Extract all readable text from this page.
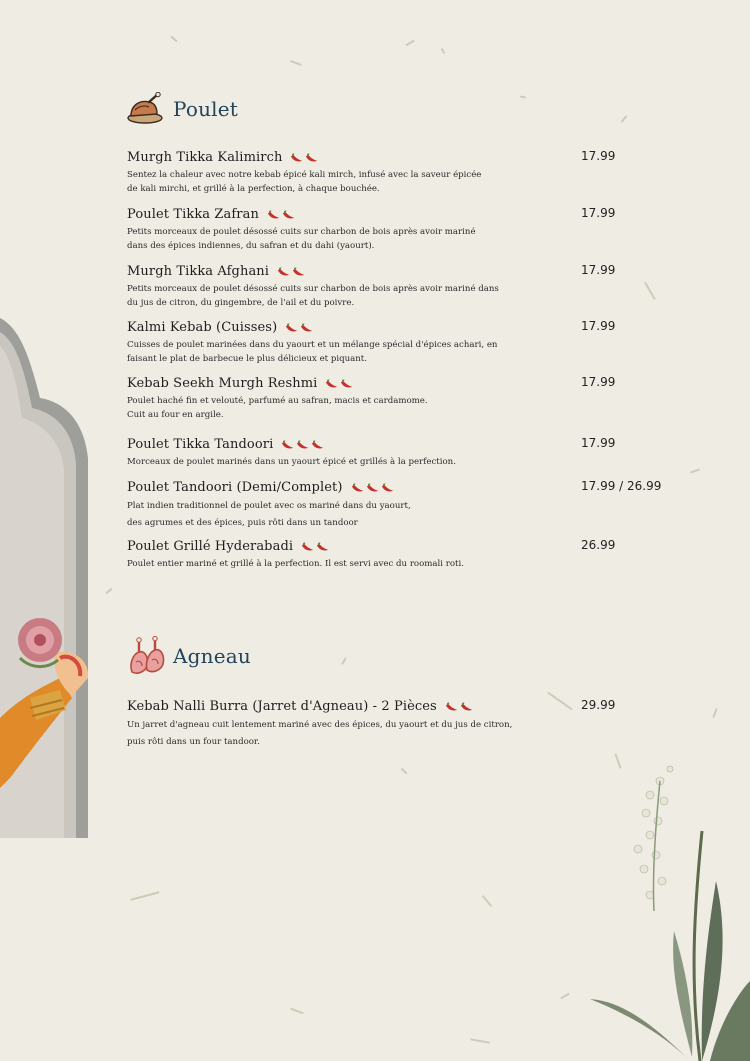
Poulet
Murgh Tikka Kalimirch	17.99
Sentez la chaleur avec notre kebab épicé kali mirch, infusé avec la saveur épicée
de kali mirchi, et grillé à la perfection, à chaque bouchée.
Poulet Tikka Zafran	17.99
Petits morceaux de poulet désossé cuits sur charbon de bois après avoir mariné
dans des épices indiennes, du safran et du dahi (yaourt).
Murgh Tikka Afghani	17.99
Petits morceaux de poulet désossé cuits sur charbon de bois après avoir mariné dans
du jus de citron, du gingembre, de l'ail et du poivre.
Kalmi Kebab (Cuisses)	17.99
Cuisses de poulet marinées dans du yaourt et un mélange spécial d'épices achari, en
faisant le plat de barbecue le plus délicieux et piquant.
Kebab Seekh Murgh Reshmi	17.99
Poulet haché fin et velouté, parfumé au safran, macis et cardamome.
Cuit au four en argile.
Poulet Tikka Tandoori	17.99
Morceaux de poulet marinés dans un yaourt épicé et grillés à la perfection.
Poulet Tandoori (Demi/Complet)	17.99 / 26.99
Plat indien traditionnel de poulet avec os mariné dans du yaourt,
des agrumes et des épices, puis rôti dans un tandoor
Poulet Grillé Hyderabadi	26.99
Poulet entier mariné et grillé à la perfection. Il est servi avec du roomali roti.
Agneau
Kebab Nalli Burra (Jarret d'Agneau) - 2 Pièces	29.99
Un jarret d'agneau cuit lentement mariné avec des épices, du yaourt et du jus de citron,
puis rôti dans un four tandoor.
